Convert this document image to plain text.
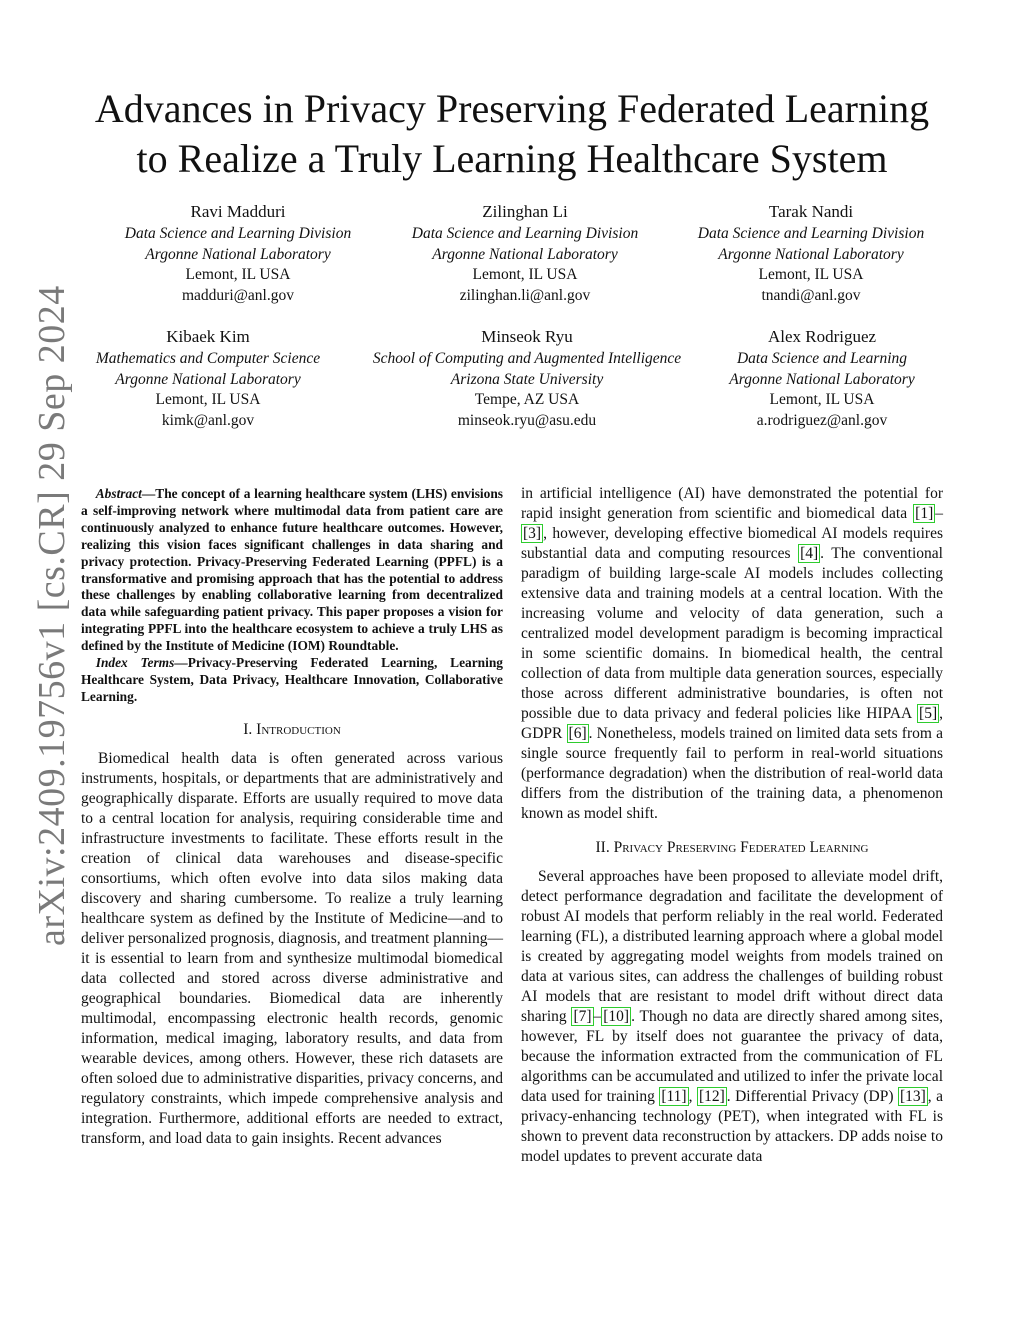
arXiv:2409.19756v1 [cs.CR] 29 Sep 2024
Advances in Privacy Preserving Federated Learning
to Realize a Truly Learning Healthcare System
Ravi Madduri
Data Science and Learning Division
Argonne National Laboratory
Lemont, IL USA
madduri@anl.gov
Zilinghan Li
Data Science and Learning Division
Argonne National Laboratory
Lemont, IL USA
zilinghan.li@anl.gov
Tarak Nandi
Data Science and Learning Division
Argonne National Laboratory
Lemont, IL USA
tnandi@anl.gov
Kibaek Kim
Mathematics and Computer Science
Argonne National Laboratory
Lemont, IL USA
kimk@anl.gov
Minseok Ryu
School of Computing and Augmented Intelligence
Arizona State University
Tempe, AZ USA
minseok.ryu@asu.edu
Alex Rodriguez
Data Science and Learning
Argonne National Laboratory
Lemont, IL USA
a.rodriguez@anl.gov

Abstract—The concept of a learning healthcare system (LHS) envisions a self-improving network where multimodal data from patient care are continuously analyzed to enhance future healthcare outcomes. However, realizing this vision faces significant challenges in data sharing and privacy protection. Privacy-Preserving Federated Learning (PPFL) is a transformative and promising approach that has the potential to address these challenges by enabling collaborative learning from decentralized data while safeguarding patient privacy. This paper proposes a vision for integrating PPFL into the healthcare ecosystem to achieve a truly LHS as defined by the Institute of Medicine (IOM) Roundtable.

Index Terms—Privacy-Preserving Federated Learning, Learning Healthcare System, Data Privacy, Healthcare Innovation, Collaborative Learning.

I. Introduction

Biomedical health data is often generated across various instruments, hospitals, or departments that are administratively and geographically disparate. Efforts are usually required to move data to a central location for analysis, requiring considerable time and infrastructure investments to facilitate. These efforts result in the creation of clinical data warehouses and disease-specific consortiums, which often evolve into data silos making data discovery and sharing cumbersome. To realize a truly learning healthcare system as defined by the Institute of Medicine—and to deliver personalized prognosis, diagnosis, and treatment planning—it is essential to learn from and synthesize multimodal biomedical data collected and stored across diverse administrative and geographical boundaries. Biomedical data are inherently multimodal, encompassing electronic health records, genomic information, medical imaging, laboratory results, and data from wearable devices, among others. However, these rich datasets are often soloed due to administrative disparities, privacy concerns, and regulatory constraints, which impede comprehensive analysis and integration. Furthermore, additional efforts are needed to extract, transform, and load data to gain insights. Recent advances

in artificial intelligence (AI) have demonstrated the potential for rapid insight generation from scientific and biomedical data [1] –[3] , however, developing effective biomedical AI models requires substantial data and computing resources [4] . The conventional paradigm of building large-scale AI models includes collecting extensive data and training models at a central location. With the increasing volume and velocity of data generation, such a centralized model development paradigm is becoming impractical in some scientific domains. In biomedical health, the central collection of data from multiple data generation sources, especially those across different administrative boundaries, is often not possible due to data privacy and federal policies like HIPAA [5] , GDPR [6] . Nonetheless, models trained on limited data sets from a single source frequently fail to perform in real-world situations (performance degradation) when the distribution of real-world data differs from the distribution of the training data, a phenomenon known as model shift.

II. Privacy Preserving Federated Learning

Several approaches have been proposed to alleviate model drift, detect performance degradation and facilitate the development of robust AI models that perform reliably in the real world. Federated learning (FL), a distributed learning approach where a global model is created by aggregating model weights from models trained on data at various sites, can address the challenges of building robust AI models that are resistant to model drift without direct data sharing [7] – [10] . Though no data are directly shared among sites, however, FL by itself does not guarantee the privacy of data, because the information extracted from the communication of FL algorithms can be accumulated and utilized to infer the private local data used for training [11] , [12] . Differential Privacy (DP) [13] , a privacy-enhancing technology (PET), when integrated with FL is shown to prevent data reconstruction by attackers. DP adds noise to model updates to prevent accurate data
